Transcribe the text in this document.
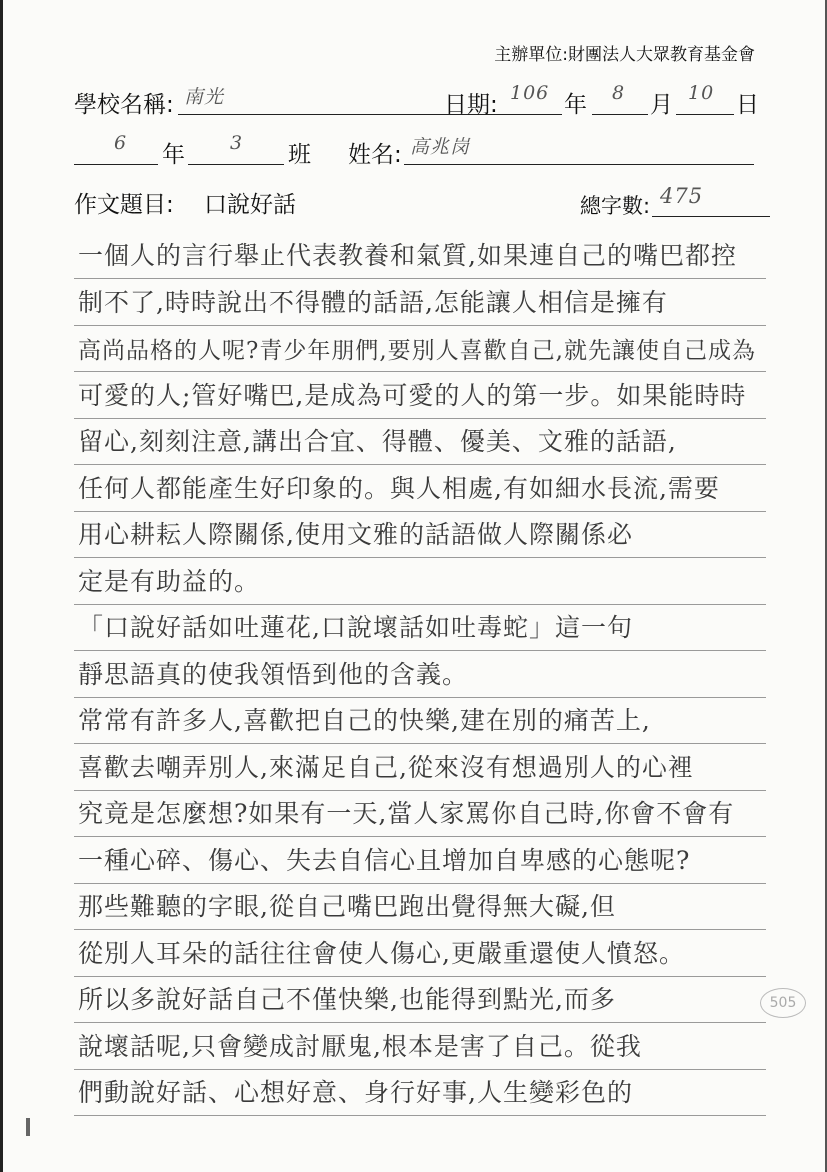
主辦單位:財團法人大眾教育基金會
學校名稱: 南光	日期: 106 年 8 月 10 日
6 年 3 班 姓名: 高兆岗
作文題目: 口說好話	總字數: 475
一個人的言行舉止代表教養和氣質,如果連自己的嘴巴都控
制不了,時時說出不得體的話語,怎能讓人相信是擁有
高尚品格的人呢?青少年朋們,要別人喜歡自己,就先讓使自己成為
可愛的人;管好嘴巴,是成為可愛的人的第一步。如果能時時
留心,刻刻注意,講出合宜、得體、優美、文雅的話語,
任何人都能產生好印象的。與人相處,有如細水長流,需要
用心耕耘人際關係,使用文雅的話語做人際關係必
定是有助益的。
「口說好話如吐蓮花,口說壞話如吐毒蛇」這一句
靜思語真的使我領悟到他的含義。
常常有許多人,喜歡把自己的快樂,建在別的痛苦上,
喜歡去嘲弄別人,來滿足自己,從來沒有想過別人的心裡
究竟是怎麼想?如果有一天,當人家罵你自己時,你會不會有
一種心碎、傷心、失去自信心且增加自卑感的心態呢?
那些難聽的字眼,從自己嘴巴跑出覺得無大礙,但
從別人耳朵的話往往會使人傷心,更嚴重還使人憤怒。
所以多說好話自己不僅快樂,也能得到點光,而多
說壞話呢,只會變成討厭鬼,根本是害了自己。從我
們動說好話、心想好意、身行好事,人生變彩色的
505
